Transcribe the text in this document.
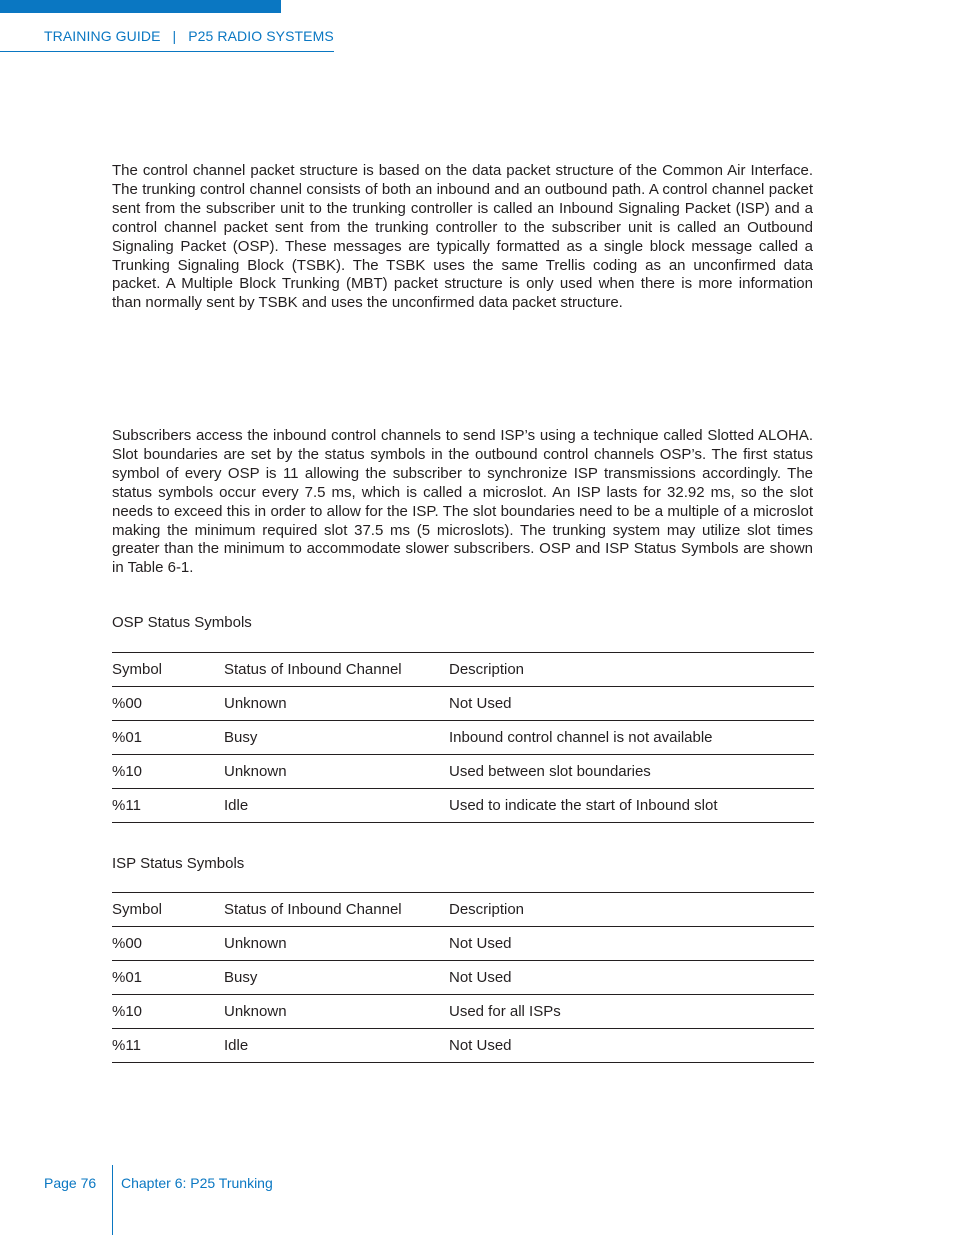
TRAINING GUIDE   |   P25 RADIO SYSTEMS

The control channel packet structure is based on the data packet structure of the Common Air Interface. The trunking control channel consists of both an inbound and an outbound path. A control channel packet sent from the subscriber unit to the trunking controller is called an Inbound Signaling Packet (ISP) and a control channel packet sent from the trunking controller to the subscriber unit is called an Outbound Signaling Packet (OSP). These messages are typically formatted as a single block message called a Trunking Signaling Block (TSBK). The TSBK uses the same Trellis coding as an unconfirmed data packet. A Multiple Block Trunking (MBT) packet structure is only used when there is more information than normally sent by TSBK and uses the unconfirmed data packet structure.

Subscribers access the inbound control channels to send ISP’s using a technique called Slotted ALOHA. Slot boundaries are set by the status symbols in the outbound control channels OSP’s. The first status symbol of every OSP is 11 allowing the subscriber to synchronize ISP transmissions accordingly. The status symbols occur every 7.5 ms, which is called a microslot. An ISP lasts for 32.92 ms, so the slot needs to exceed this in order to allow for the ISP. The slot boundaries need to be a multiple of a microslot making the minimum required slot 37.5 ms (5 microslots). The trunking system may utilize slot times greater than the minimum to accommodate slower subscribers. OSP and ISP Status Symbols are shown in Table 6-1.

OSP Status Symbols
Symbol	Status of Inbound Channel	Description
%00	Unknown	Not Used
%01	Busy	Inbound control channel is not available
%10	Unknown	Used between slot boundaries
%11	Idle	Used to indicate the start of Inbound slot
ISP Status Symbols
Symbol	Status of Inbound Channel	Description
%00	Unknown	Not Used
%01	Busy	Not Used
%10	Unknown	Used for all ISPs
%11	Idle	Not Used
Page 76 Chapter 6: P25 Trunking
